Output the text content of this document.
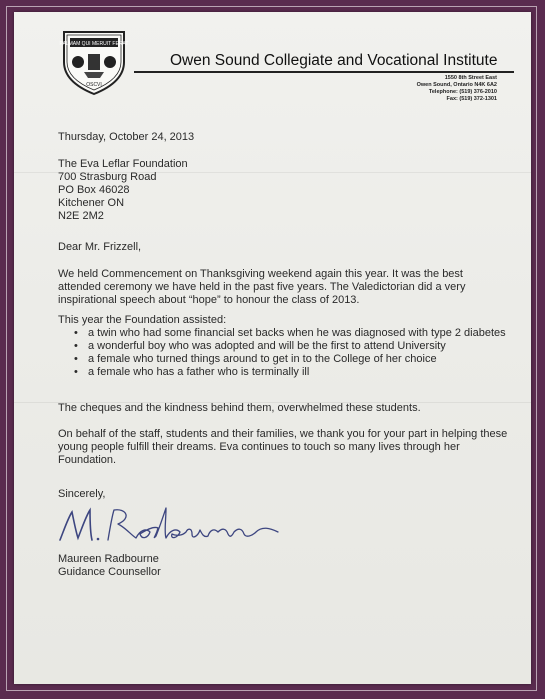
PALMAM QUI MERUIT FERAT
OSCVI
Owen Sound Collegiate and Vocational Institute
1550 8th Street East
Owen Sound, Ontario N4K 6A2
Telephone: (519) 376-2010
Fax: (519) 372-1301

Thursday, October 24, 2013

The Eva Leflar Foundation
700 Strasburg Road
PO Box 46028
Kitchener ON
N2E 2M2

Dear Mr. Frizzell,

We held Commencement on Thanksgiving weekend again this year. It was the best attended ceremony we have held in the past five years. The Valedictorian did a very inspirational speech about “hope” to honour the class of 2013.

This year the Foundation assisted:

• a twin who had some financial set backs when he was diagnosed with type 2 diabetes
• a wonderful boy who was adopted and will be the first to attend University
• a female who turned things around to get in to the College of her choice
• a female who has a father who is terminally ill

The cheques and the kindness behind them, overwhelmed these students.

On behalf of the staff, students and their families, we thank you for your part in helping these young people fulfill their dreams. Eva continues to touch so many lives through her Foundation.

Sincerely,

Maureen Radbourne

Guidance Counsellor
